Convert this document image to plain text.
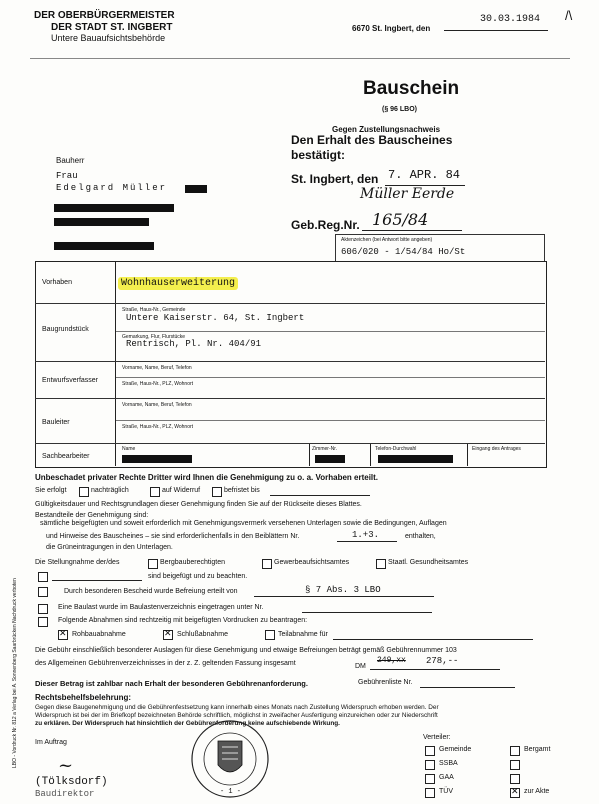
/\
DER OBERBÜRGERMEISTER
DER STADT ST. INGBERT
Untere Bauaufsichtsbehörde
6670 St. Ingbert, den
30.03.1984
Bauschein
(§ 96 LBO)
Gegen Zustellungsnachweis
Den Erhalt des Bauscheines
bestätigt:
St. Ingbert, den 7. APR. 84
Müller Eerde
Geb.Reg.Nr. 165/84
Bauherr
Frau
Edelgard Müller
Aktenzeichen (bei Antwort bitte angeben)
606/020 - 1/54/84 Ho/St
Vorhaben	Wohnhauserweiterung
Baugrundstück
Straße, Haus-Nr., Gemeinde
Untere Kaiserstr. 64, St. Ingbert
Gemarkung, Flur, Flurstücke
Rentrisch, Pl. Nr. 404/91
Entwurfsverfasser
Vorname, Name, Beruf, Telefon
Straße, Haus-Nr., PLZ, Wohnort
Bauleiter
Vorname, Name, Beruf, Telefon
Straße, Haus-Nr., PLZ, Wohnort
Sachbearbeiter
Name	Zimmer-Nr.	Telefon-Durchwahl	Eingang des Antrages
Unbeschadet privater Rechte Dritter wird Ihnen die Genehmigung zu o. a. Vorhaben erteilt.
Sie erfolgt	nachträglich	auf Widerruf	befristet bis
Gültigkeitsdauer und Rechtsgrundlagen dieser Genehmigung finden Sie auf der Rückseite dieses Blattes.
Bestandteile der Genehmigung sind:
sämtliche beigefügten und soweit erforderlich mit Genehmigungsvermerk versehenen Unterlagen sowie die Bedingungen, Auflagen
und Hinweise des Bauscheines – sie sind erforderlichenfalls in den Beiblättern Nr.	1.+3.	enthalten,
die Grüneintragungen in den Unterlagen.
Die Stellungnahme der/des	Bergbauberechtigten	Gewerbeaufsichtsamtes	Staatl. Gesundheitsamtes
sind beigefügt und zu beachten.
Durch besonderen Bescheid wurde Befreiung erteilt von	§ 7 Abs. 3 LBO
Eine Baulast wurde im Baulastenverzeichnis eingetragen unter Nr.
Folgende Abnahmen sind rechtzeitig mit beigefügten Vordrucken zu beantragen:
✕
Rohbauabnahme ✕	Schlußabnahme	Teilabnahme für
Die Gebühr einschließlich besonderer Auslagen für diese Genehmigung und etwaige Befreiungen beträgt gemäß Gebührennummer 103
des Allgemeinen Gebührenverzeichnisses in der z. Z. geltenden Fassung insgesamt	DM
249,xx 278,--
Dieser Betrag ist zahlbar nach Erhalt der besonderen Gebührenanforderung.	Gebührenliste Nr.
Rechtsbehelfsbelehrung:
Gegen diese Baugenehmigung und die Gebührenfestsetzung kann innerhalb eines Monats nach Zustellung Widerspruch erhoben werden. Der
Widerspruch ist bei der im Briefkopf bezeichneten Behörde schriftlich, möglichst in zweifacher Ausfertigung einzureichen oder zur Niederschrift
zu erklären. Der Widerspruch hat hinsichtlich der Gebührenforderung keine aufschiebende Wirkung.
Im Auftrag
(Tölksdorf)
Baudirektor
~
LBO - Vordruck Nr. 812 a Verlag bei A. Sonnenberg Saarbrücken Nachdruck verboten
- 1 -
Verteiler:
Gemeinde	Bergamt
SSBA
GAA
TÜV ✕	zur Akte
